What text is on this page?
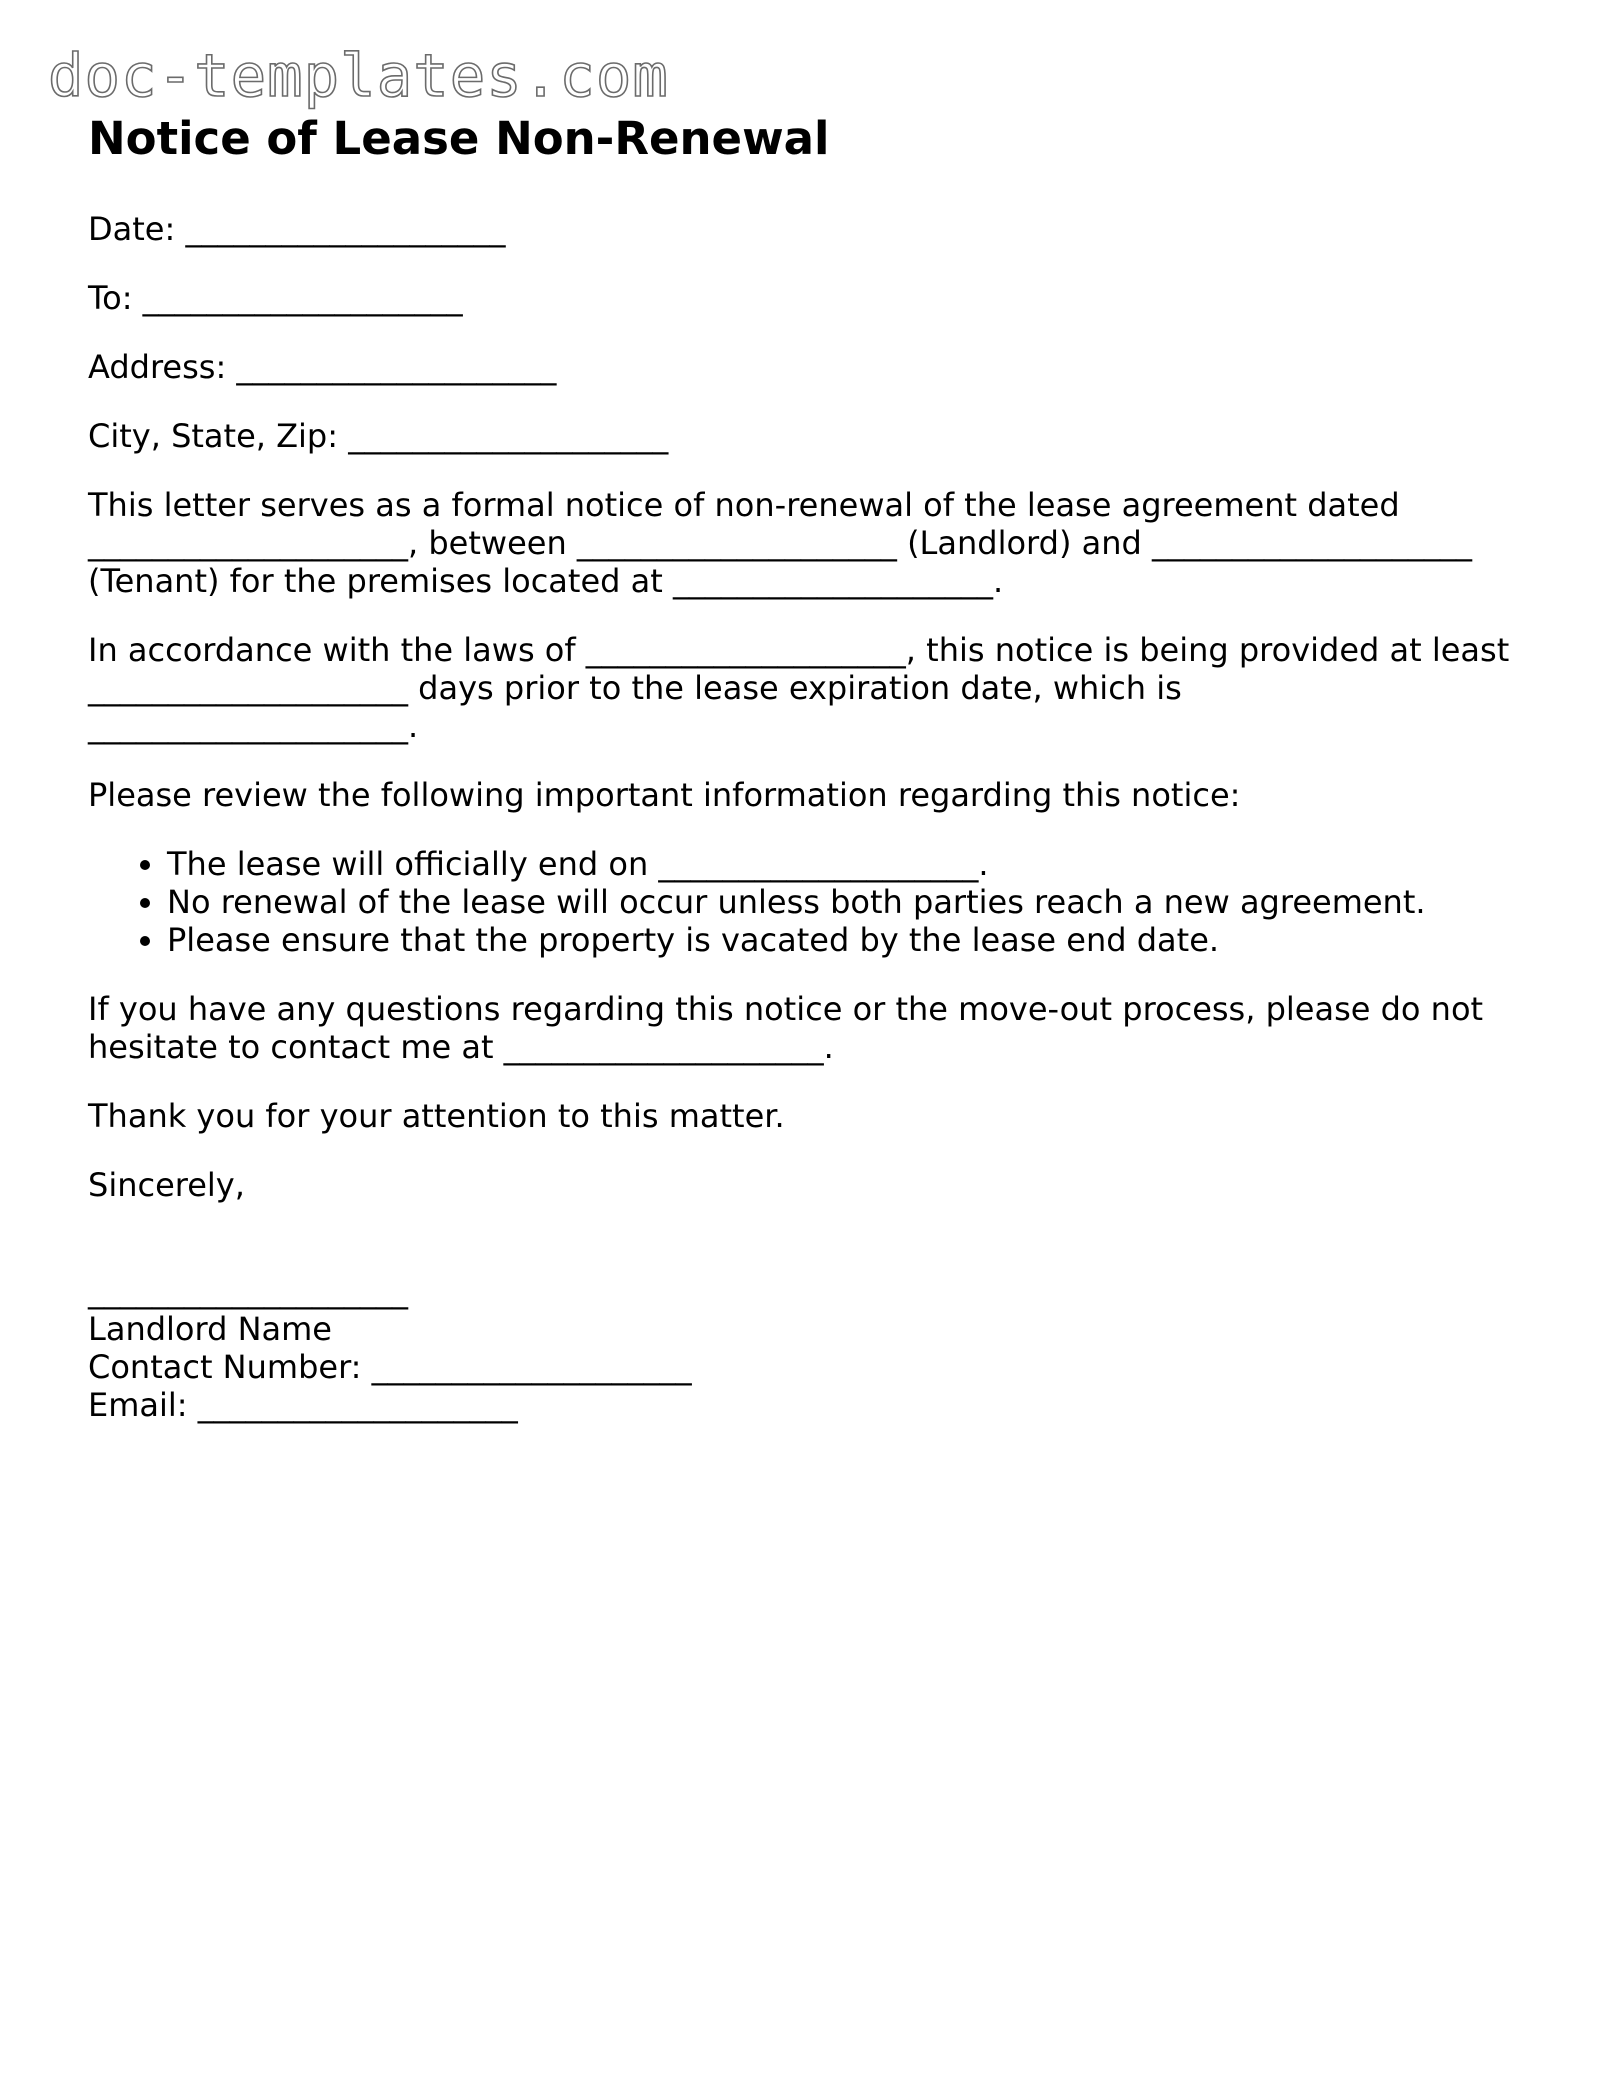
doc-templates.com
Notice of Lease Non-Renewal

Date: ____________________

To: ____________________

Address: ____________________

City, State, Zip: ____________________

This letter serves as a formal notice of non-renewal of the lease agreement dated

____________________, between ____________________ (Landlord) and ____________________

(Tenant) for the premises located at ____________________.

In accordance with the laws of ____________________, this notice is being provided at least

____________________ days prior to the lease expiration date, which is

____________________.

Please review the following important information regarding this notice:

• The lease will officially end on ____________________.
• No renewal of the lease will occur unless both parties reach a new agreement.
• Please ensure that the property is vacated by the lease end date.

If you have any questions regarding this notice or the move-out process, please do not

hesitate to contact me at ____________________.

Thank you for your attention to this matter.

Sincerely,

____________________

Landlord Name

Contact Number: ____________________

Email: ____________________
